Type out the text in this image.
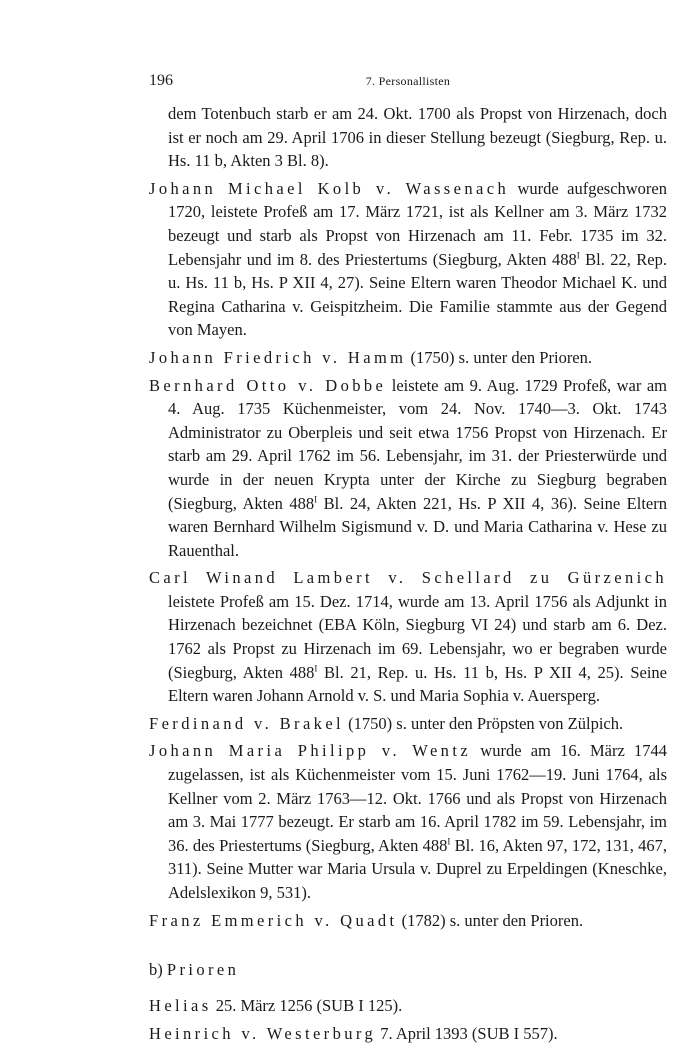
196	7. Personallisten

dem Totenbuch starb er am 24. Okt. 1700 als Propst von Hirzenach, doch ist er noch am 29. April 1706 in dieser Stellung bezeugt (Siegburg, Rep. u. Hs. 11 b, Akten 3 Bl. 8).

Johann Michael Kolb v. Wassenach wurde aufgeschworen 1720, leistete Profeß am 17. März 1721, ist als Kellner am 3. März 1732 bezeugt und starb als Propst von Hirzenach am 11. Febr. 1735 im 32. Lebensjahr und im 8. des Priestertums (Siegburg, Akten $488^I$ Bl. 22, Rep. u. Hs. 11 b, Hs. P XII 4, 27). Seine Eltern waren Theodor Michael K. und Regina Catharina v. Geispitzheim. Die Familie stammte aus der Gegend von Mayen.

Johann Friedrich v. Hamm (1750) s. unter den Prioren.

Bernhard Otto v. Dobbe leistete am 9. Aug. 1729 Profeß, war am 4. Aug. 1735 Küchenmeister, vom 24. Nov. 1740—3. Okt. 1743 Administrator zu Oberpleis und seit etwa 1756 Propst von Hirzenach. Er starb am 29. April 1762 im 56. Lebensjahr, im 31. der Priesterwürde und wurde in der neuen Krypta unter der Kirche zu Siegburg begraben (Siegburg, Akten $488^I$ Bl. 24, Akten 221, Hs. P XII 4, 36). Seine Eltern waren Bernhard Wilhelm Sigismund v. D. und Maria Catharina v. Hese zu Rauenthal.

Carl Winand Lambert v. Schellard zu Gürzenich leistete Profeß am 15. Dez. 1714, wurde am 13. April 1756 als Adjunkt in Hirzenach bezeichnet (EBA Köln, Siegburg VI 24) und starb am 6. Dez. 1762 als Propst zu Hirzenach im 69. Lebensjahr, wo er begraben wurde (Siegburg, Akten $488^I$ Bl. 21, Rep. u. Hs. 11 b, Hs. P XII 4, 25). Seine Eltern waren Johann Arnold v. S. und Maria Sophia v. Auersperg.

Ferdinand v. Brakel (1750) s. unter den Pröpsten von Zülpich.

Johann Maria Philipp v. Wentz wurde am 16. März 1744 zugelassen, ist als Küchenmeister vom 15. Juni 1762—19. Juni 1764, als Kellner vom 2. März 1763—12. Okt. 1766 und als Propst von Hirzenach am 3. Mai 1777 bezeugt. Er starb am 16. April 1782 im 59. Lebensjahr, im 36. des Priestertums (Siegburg, Akten $488^I$ Bl. 16, Akten 97, 172, 131, 467, 311). Seine Mutter war Maria Ursula v. Duprel zu Erpeldingen (Kneschke, Adelslexikon 9, 531).

Franz Emmerich v. Quadt (1782) s. unter den Prioren.

b) Prioren

Helias 25. März 1256 (SUB I 125).

Heinrich v. Westerburg 7. April 1393 (SUB I 557).
